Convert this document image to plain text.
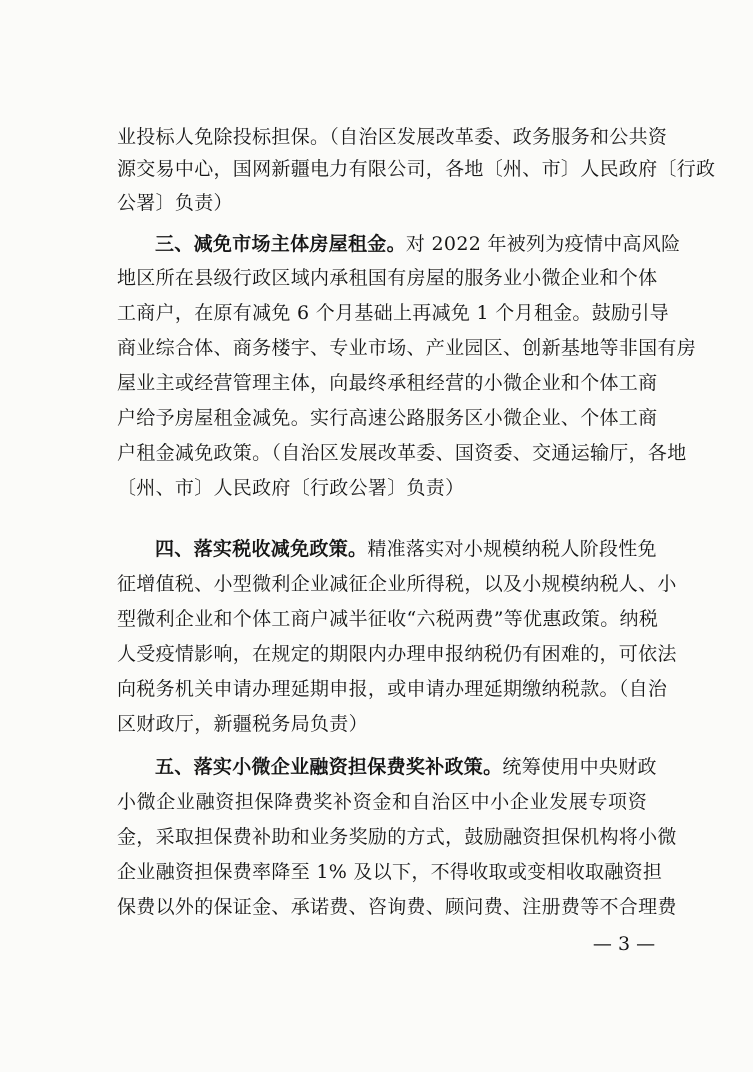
业投标人免除投标担保。（自治区发展改革委、政务服务和公共资
源交易中心，国网新疆电力有限公司，各地〔州、市〕人民政府〔行政
公署〕负责）
三、减免市场主体房屋租金。对 2022 年被列为疫情中高风险
地区所在县级行政区域内承租国有房屋的服务业小微企业和个体
工商户，在原有减免 6 个月基础上再减免 1 个月租金。鼓励引导
商业综合体、商务楼宇、专业市场、产业园区、创新基地等非国有房
屋业主或经营管理主体，向最终承租经营的小微企业和个体工商
户给予房屋租金减免。实行高速公路服务区小微企业、个体工商
户租金减免政策。（自治区发展改革委、国资委、交通运输厅，各地
〔州、市〕人民政府〔行政公署〕负责）
四、落实税收减免政策。精准落实对小规模纳税人阶段性免
征增值税、小型微利企业减征企业所得税，以及小规模纳税人、小
型微利企业和个体工商户减半征收“六税两费”等优惠政策。纳税
人受疫情影响，在规定的期限内办理申报纳税仍有困难的，可依法
向税务机关申请办理延期申报，或申请办理延期缴纳税款。（自治
区财政厅，新疆税务局负责）
五、落实小微企业融资担保费奖补政策。统筹使用中央财政
小微企业融资担保降费奖补资金和自治区中小企业发展专项资
金，采取担保费补助和业务奖励的方式，鼓励融资担保机构将小微
企业融资担保费率降至 1% 及以下，不得收取或变相收取融资担
保费以外的保证金、承诺费、咨询费、顾问费、注册费等不合理费
— 3 —
